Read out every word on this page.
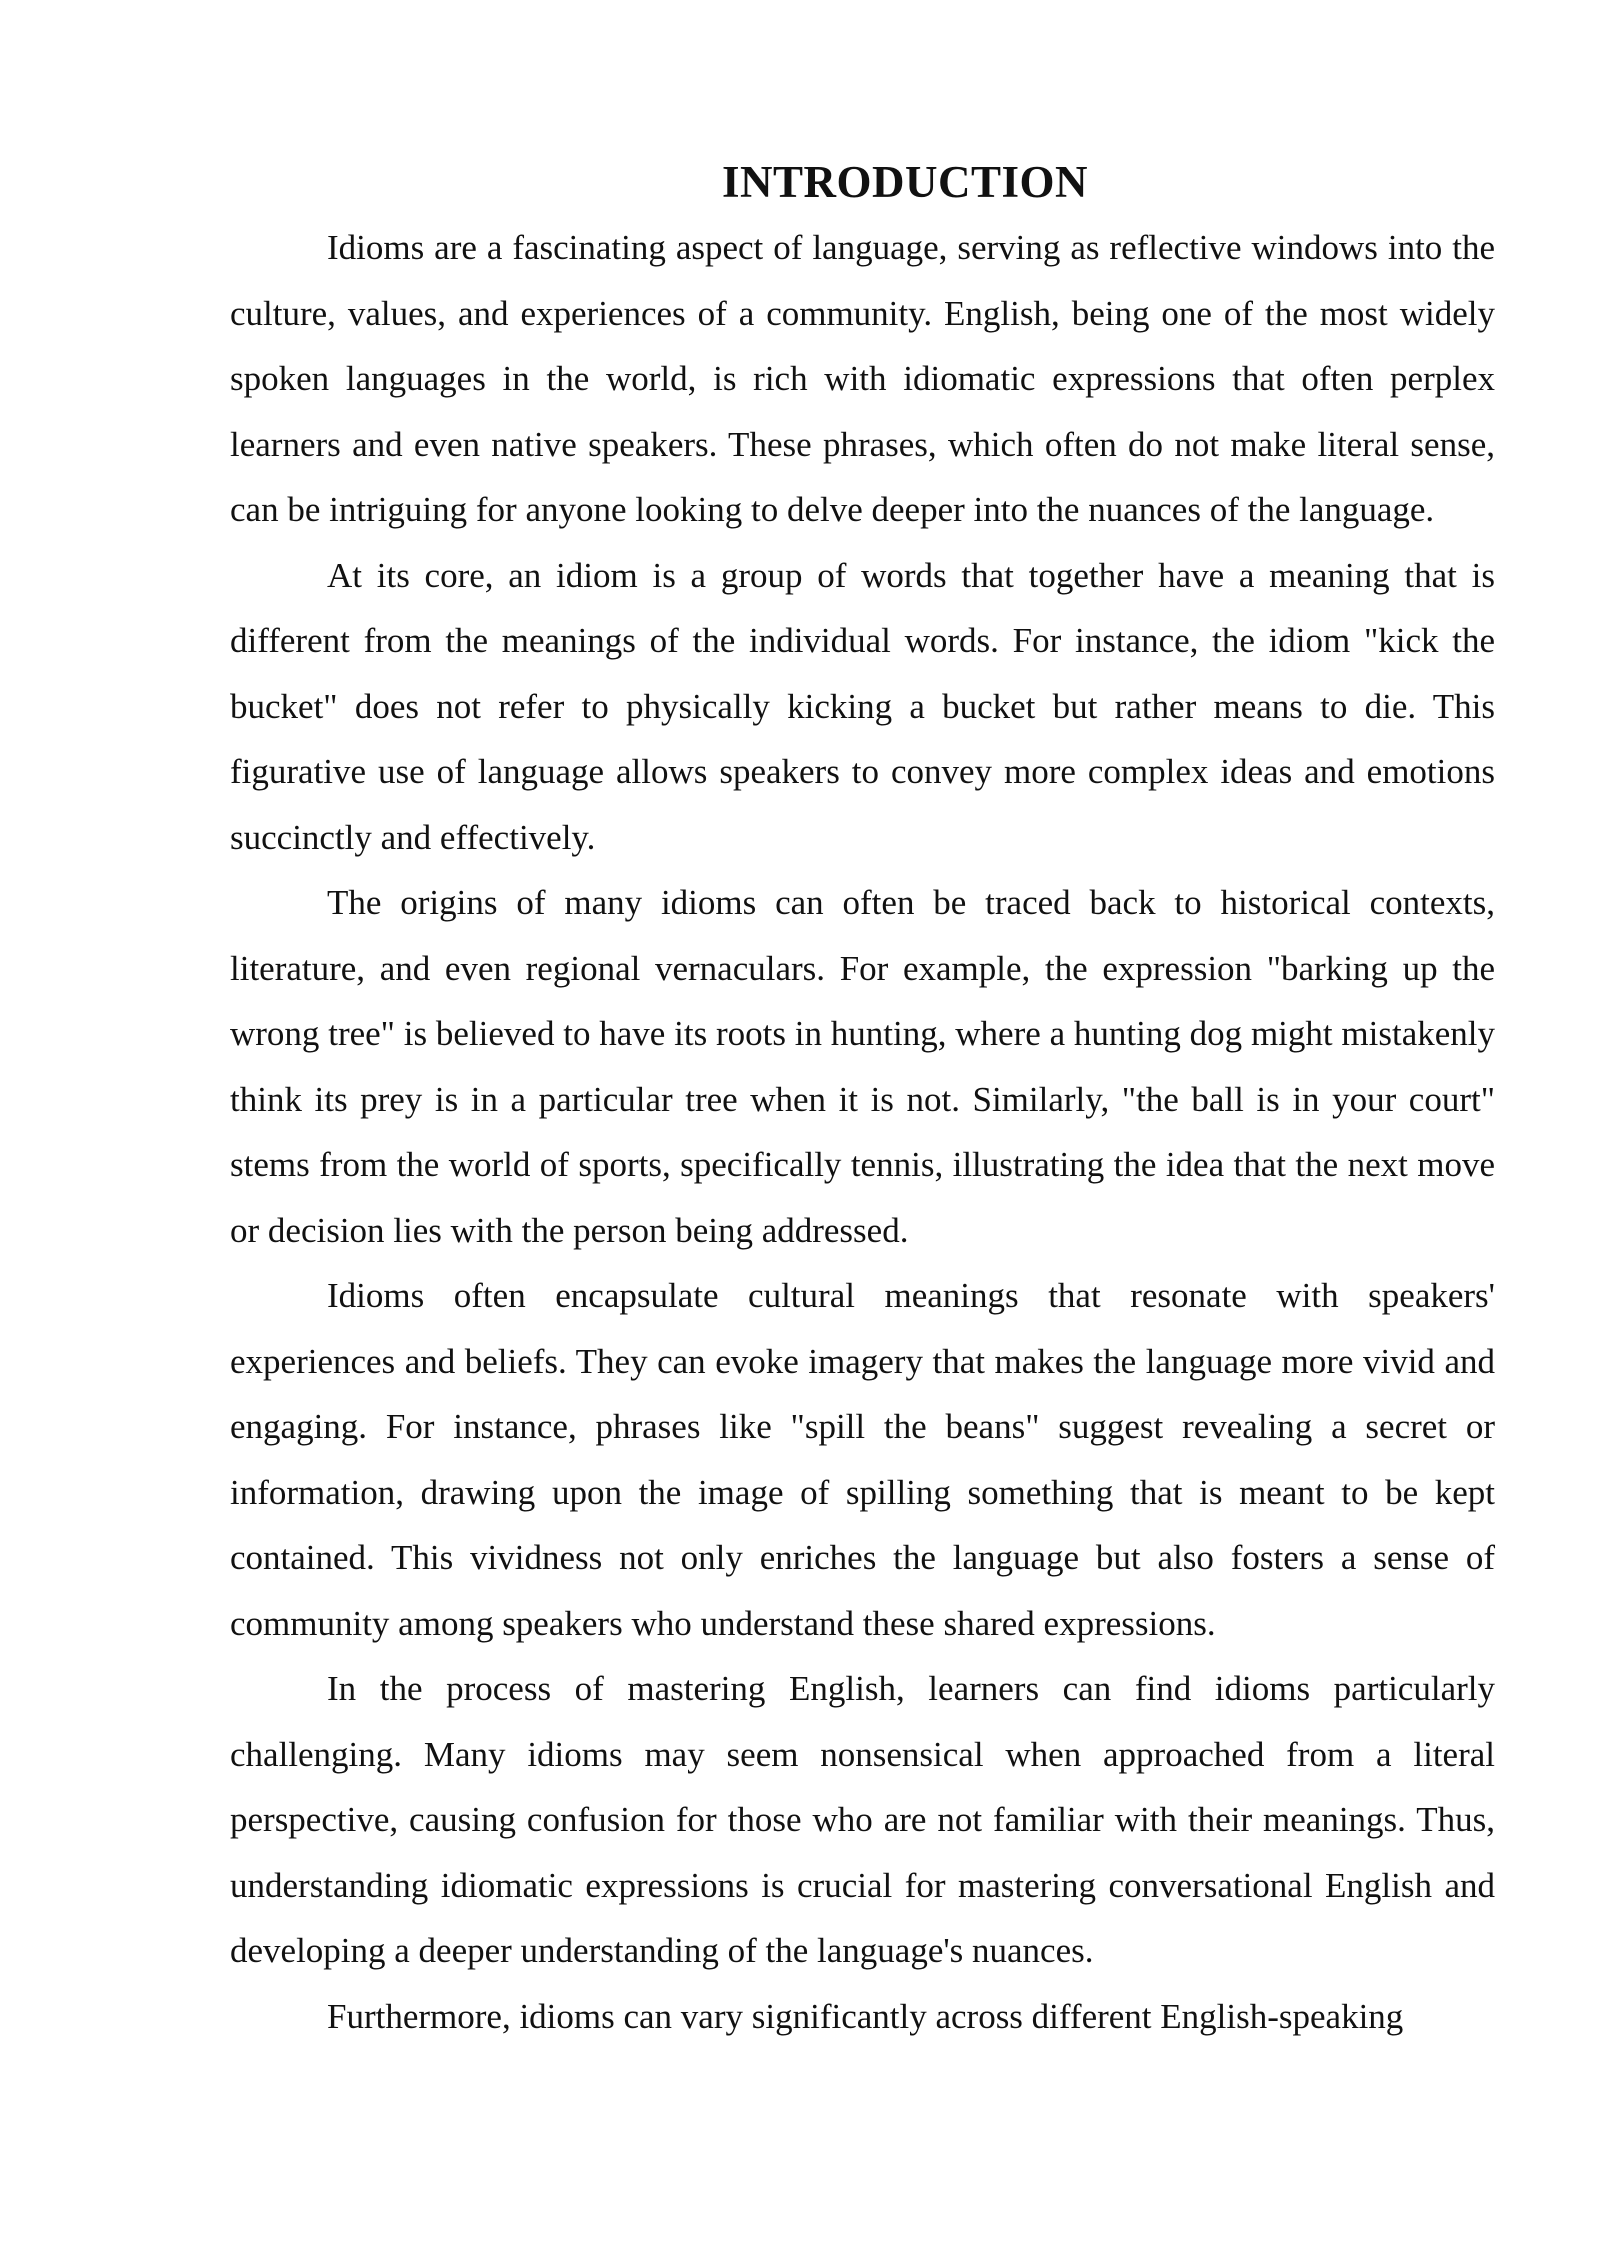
INTRODUCTION

Idioms are a fascinating aspect of language, serving as reflective windows into the culture, values, and experiences of a community. English, being one of the most widely spoken languages in the world, is rich with idiomatic expressions that often perplex learners and even native speakers. These phrases, which often do not make literal sense, can be intriguing for anyone looking to delve deeper into the nuances of the language.

At its core, an idiom is a group of words that together have a meaning that is different from the meanings of the individual words. For instance, the idiom "kick the bucket" does not refer to physically kicking a bucket but rather means to die. This figurative use of language allows speakers to convey more complex ideas and emotions succinctly and effectively.

The origins of many idioms can often be traced back to historical contexts, literature, and even regional vernaculars. For example, the expression "barking up the wrong tree" is believed to have its roots in hunting, where a hunting dog might mistakenly think its prey is in a particular tree when it is not. Similarly, "the ball is in your court" stems from the world of sports, specifically tennis, illustrating the idea that the next move or decision lies with the person being addressed.

Idioms often encapsulate cultural meanings that resonate with speakers' experiences and beliefs. They can evoke imagery that makes the language more vivid and engaging. For instance, phrases like "spill the beans" suggest revealing a secret or information, drawing upon the image of spilling something that is meant to be kept contained. This vividness not only enriches the language but also fosters a sense of community among speakers who understand these shared expressions.

In the process of mastering English, learners can find idioms particularly challenging. Many idioms may seem nonsensical when approached from a literal perspective, causing confusion for those who are not familiar with their meanings. Thus, understanding idiomatic expressions is crucial for mastering conversational English and developing a deeper understanding of the language's nuances.

Furthermore, idioms can vary significantly across different English-speaking
